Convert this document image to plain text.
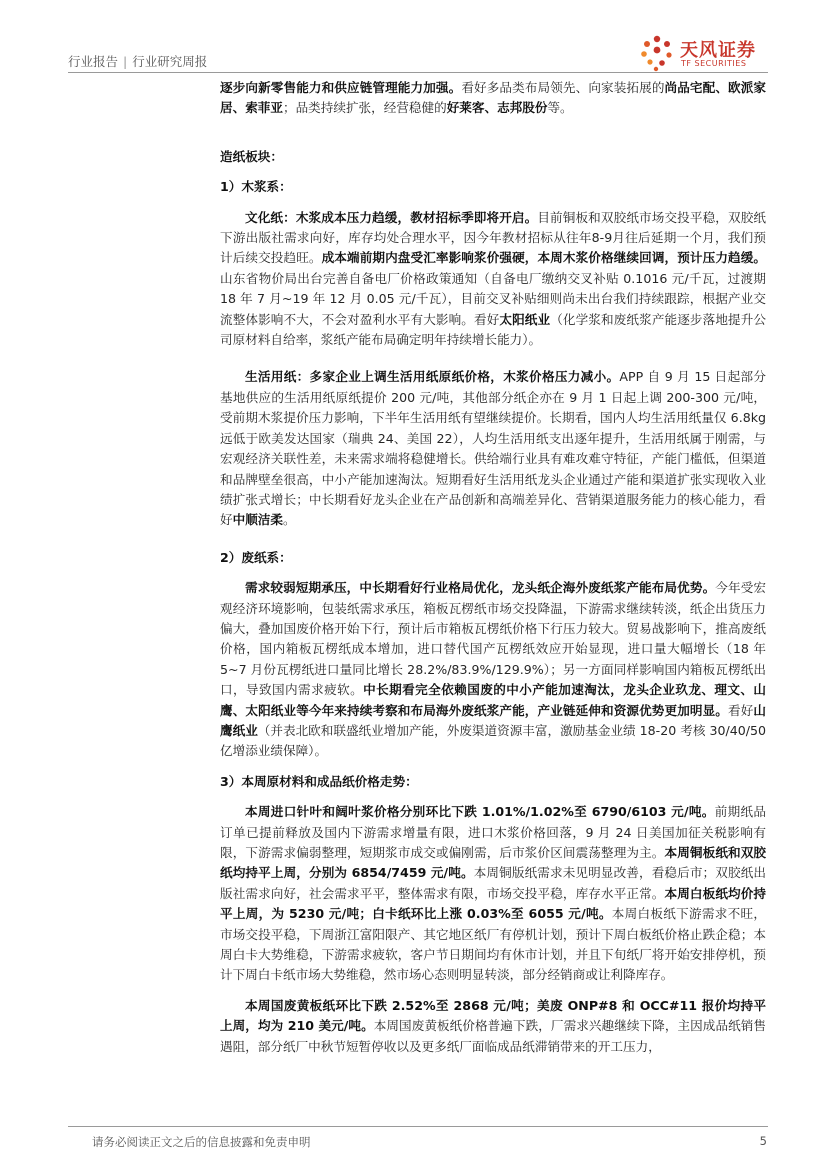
行业报告 | 行业研究周报
天风证券
TF SECURITIES

逐步向新零售能力和供应链管理能力加强。看好多品类布局领先、向家装拓展的尚品宅配、欧派家居、索菲亚；品类持续扩张，经营稳健的好莱客、志邦股份等。

造纸板块：

1）木浆系：

文化纸：木浆成本压力趋缓，教材招标季即将开启。目前铜板和双胶纸市场交投平稳，双胶纸下游出版社需求向好，库存均处合理水平，因今年教材招标从往年8-9月往后延期一个月，我们预计后续交投趋旺。成本端前期内盘受汇率影响浆价强硬，本周木浆价格继续回调，预计压力趋缓。山东省物价局出台完善自备电厂价格政策通知（自备电厂缴纳交叉补贴 0.1016 元/千瓦，过渡期 18 年 7 月~19 年 12 月 0.05 元/千瓦），目前交叉补贴细则尚未出台我们持续跟踪，根据产业交流整体影响不大，不会对盈利水平有大影响。看好太阳纸业（化学浆和废纸浆产能逐步落地提升公司原材料自给率，浆纸产能布局确定明年持续增长能力）。

生活用纸：多家企业上调生活用纸原纸价格，木浆价格压力减小。APP 自 9 月 15 日起部分基地供应的生活用纸原纸提价 200 元/吨，其他部分纸企亦在 9 月 1 日起上调 200-300 元/吨，受前期木浆提价压力影响，下半年生活用纸有望继续提价。长期看，国内人均生活用纸量仅 6.8kg 远低于欧美发达国家（瑞典 24、美国 22），人均生活用纸支出逐年提升，生活用纸属于刚需，与宏观经济关联性差，未来需求端将稳健增长。供给端行业具有难攻难守特征，产能门槛低，但渠道和品牌壁垒很高，中小产能加速淘汰。短期看好生活用纸龙头企业通过产能和渠道扩张实现收入业绩扩张式增长；中长期看好龙头企业在产品创新和高端差异化、营销渠道服务能力的核心能力，看好中顺洁柔。

2）废纸系：

需求较弱短期承压，中长期看好行业格局优化，龙头纸企海外废纸浆产能布局优势。今年受宏观经济环境影响，包装纸需求承压，箱板瓦楞纸市场交投降温，下游需求继续转淡，纸企出货压力偏大，叠加国废价格开始下行，预计后市箱板瓦楞纸价格下行压力较大。贸易战影响下，推高废纸价格，国内箱板瓦楞纸成本增加，进口替代国产瓦楞纸效应开始显现，进口量大幅增长（18 年 5~7 月份瓦楞纸进口量同比增长 28.2%/83.9%/129.9%）；另一方面同样影响国内箱板瓦楞纸出口，导致国内需求疲软。中长期看完全依赖国废的中小产能加速淘汰，龙头企业玖龙、理文、山鹰、太阳纸业等今年来持续考察和布局海外废纸浆产能，产业链延伸和资源优势更加明显。看好山鹰纸业（并表北欧和联盛纸业增加产能，外废渠道资源丰富，激励基金业绩 18-20 考核 30/40/50 亿增添业绩保障）。

3）本周原材料和成品纸价格走势：

本周进口针叶和阔叶浆价格分别环比下跌 1.01%/1.02%至 6790/6103 元/吨。前期纸品订单已提前释放及国内下游需求增量有限，进口木浆价格回落，9 月 24 日美国加征关税影响有限，下游需求偏弱整理，短期浆市成交或偏刚需，后市浆价区间震荡整理为主。本周铜板纸和双胶纸均持平上周，分别为 6854/7459 元/吨。本周铜版纸需求未见明显改善，看稳后市；双胶纸出版社需求向好，社会需求平平，整体需求有限，市场交投平稳，库存水平正常。本周白板纸均价持平上周，为 5230 元/吨；白卡纸环比上涨 0.03%至 6055 元/吨。本周白板纸下游需求不旺，市场交投平稳，下周浙江富阳限产、其它地区纸厂有停机计划，预计下周白板纸价格止跌企稳；本周白卡大势维稳，下游需求疲软，客户节日期间均有休市计划，并且下旬纸厂将开始安排停机，预计下周白卡纸市场大势维稳，然市场心态则明显转淡，部分经销商或让利降库存。

本周国废黄板纸环比下跌 2.52%至 2868 元/吨；美废 ONP#8 和 OCC#11 报价均持平上周，均为 210 美元/吨。本周国废黄板纸价格普遍下跌，厂需求兴趣继续下降，主因成品纸销售遇阻，部分纸厂中秋节短暂停收以及更多纸厂面临成品纸滞销带来的开工压力，

请务必阅读正文之后的信息披露和免责申明	5
